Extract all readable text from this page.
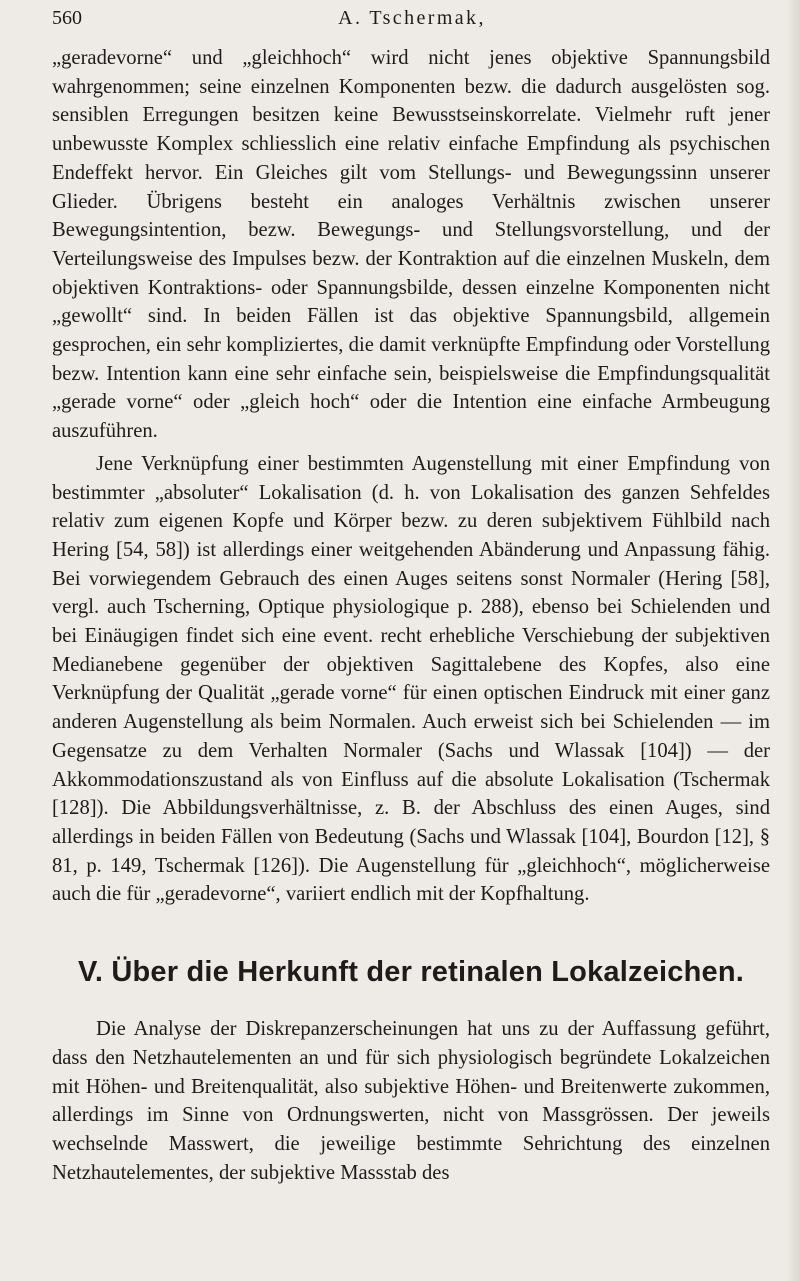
560	A. Tschermak,

„geradevorne“ und „gleichhoch“ wird nicht jenes objektive Spannungsbild wahrgenommen; seine einzelnen Komponenten bezw. die dadurch ausgelösten sog. sensiblen Erregungen besitzen keine Bewusstseinskorrelate. Vielmehr ruft jener unbewusste Komplex schliesslich eine relativ einfache Empfindung als psychischen Endeffekt hervor. Ein Gleiches gilt vom Stellungs- und Bewegungssinn unserer Glieder. Übrigens besteht ein analoges Verhältnis zwischen unserer Bewegungsintention, bezw. Bewegungs- und Stellungsvorstellung, und der Verteilungsweise des Impulses bezw. der Kontraktion auf die einzelnen Muskeln, dem objektiven Kontraktions- oder Spannungsbilde, dessen einzelne Komponenten nicht „gewollt“ sind. In beiden Fällen ist das objektive Spannungsbild, allgemein gesprochen, ein sehr kompliziertes, die damit verknüpfte Empfindung oder Vorstellung bezw. Intention kann eine sehr einfache sein, beispielsweise die Empfindungsqualität „gerade vorne“ oder „gleich hoch“ oder die Intention eine einfache Armbeugung auszuführen.

Jene Verknüpfung einer bestimmten Augenstellung mit einer Empfindung von bestimmter „absoluter“ Lokalisation (d. h. von Lokalisation des ganzen Sehfeldes relativ zum eigenen Kopfe und Körper bezw. zu deren subjektivem Fühlbild nach Hering [54, 58]) ist allerdings einer weitgehenden Abänderung und Anpassung fähig. Bei vorwiegendem Gebrauch des einen Auges seitens sonst Normaler (Hering [58], vergl. auch Tscherning, Optique physiologique p. 288), ebenso bei Schielenden und bei Einäugigen findet sich eine event. recht erhebliche Verschiebung der subjektiven Medianebene gegenüber der objektiven Sagittalebene des Kopfes, also eine Verknüpfung der Qualität „gerade vorne“ für einen optischen Eindruck mit einer ganz anderen Augenstellung als beim Normalen. Auch erweist sich bei Schielenden — im Gegensatze zu dem Verhalten Normaler (Sachs und Wlassak [104]) — der Akkommodationszustand als von Einfluss auf die absolute Lokalisation (Tschermak [128]). Die Abbildungsverhältnisse, z. B. der Abschluss des einen Auges, sind allerdings in beiden Fällen von Bedeutung (Sachs und Wlassak [104], Bourdon [12], § 81, p. 149, Tschermak [126]). Die Augenstellung für „gleichhoch“, möglicherweise auch die für „geradevorne“, variiert endlich mit der Kopfhaltung.

V. Über die Herkunft der retinalen Lokalzeichen.

Die Analyse der Diskrepanzerscheinungen hat uns zu der Auffassung geführt, dass den Netzhautelementen an und für sich physiologisch begründete Lokalzeichen mit Höhen- und Breitenqualität, also subjektive Höhen- und Breitenwerte zukommen, allerdings im Sinne von Ordnungswerten, nicht von Massgrössen. Der jeweils wechselnde Masswert, die jeweilige bestimmte Sehrichtung des einzelnen Netzhautelementes, der subjektive Massstab des
